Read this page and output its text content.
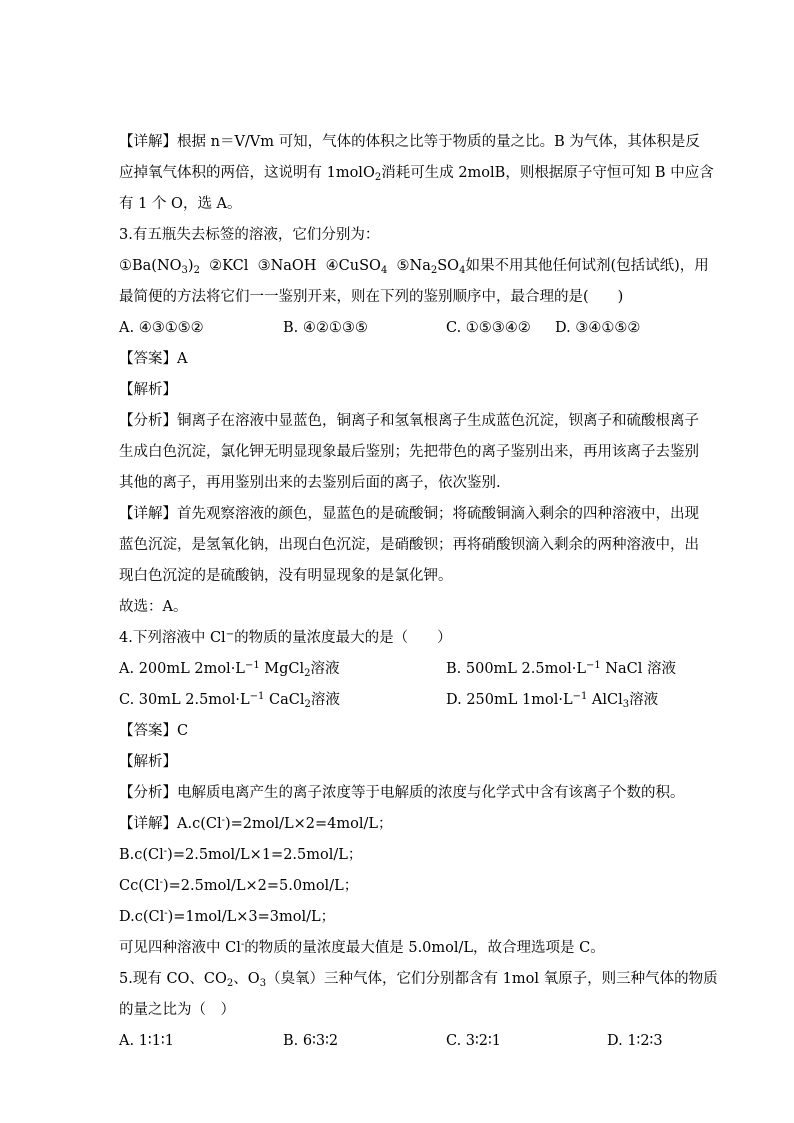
【详解】根据 n＝V/Vm 可知，气体的体积之比等于物质的量之比。B 为气体，其体积是反
应掉氧气体积的两倍，这说明有 1molO$_2$消耗可生成 2molB，则根据原子守恒可知 B 中应含
有 1 个 O，选 A。
3.有五瓶失去标签的溶液，它们分别为：
$①Ba(NO_3)_2$ ②KCl ③NaOH ④CuSO$_4$ $⑤Na_2SO_4$如果不用其他任何试剂(包括试纸)，用
最简便的方法将它们一一鉴别开来，则在下列的鉴别顺序中，最合理的是(　　)
A. ④③①⑤②	B. ④②①③⑤	C. ①⑤③④② D. ③④①⑤②
【答案】A
【解析】
【分析】铜离子在溶液中显蓝色，铜离子和氢氧根离子生成蓝色沉淀，钡离子和硫酸根离子
生成白色沉淀，氯化钾无明显现象最后鉴别；先把带色的离子鉴别出来，再用该离子去鉴别
其他的离子，再用鉴别出来的去鉴别后面的离子，依次鉴别.
【详解】首先观察溶液的颜色，显蓝色的是硫酸铜；将硫酸铜滴入剩余的四种溶液中，出现
蓝色沉淀，是氢氧化钠，出现白色沉淀，是硝酸钡；再将硝酸钡滴入剩余的两种溶液中，出
现白色沉淀的是硫酸钠，没有明显现象的是氯化钾。
故选：A。
4.下列溶液中 Cl−的物质的量浓度最大的是（　　）
A. 200mL $2mol\cdot L^{-1}$ MgCl$_2$溶液	B. 500mL $2.5mol\cdot L^{-1}$ NaCl 溶液
C. 30mL $2.5mol\cdot L^{-1}$ CaCl$_2$溶液	D. 250mL $1mol\cdot L^{-1}$ AlCl$_3$溶液
【答案】C
【解析】
【分析】电解质电离产生的离子浓度等于电解质的浓度与化学式中含有该离子个数的积。
【详解】A.c(Cl-)=2mol/L×2=4mol/L；
B.c(Cl-)=2.5mol/L×1=2.5mol/L；
Cc(Cl-)=2.5mol/L×2=5.0mol/L；
D.c(Cl-)=1mol/L×3=3mol/L；
可见四种溶液中 Cl-的物质的量浓度最大值是 5.0mol/L，故合理选项是 C。
5.现有 CO、$CO_2$、$O_3$（臭氧）三种气体，它们分别都含有 1mol 氧原子，则三种气体的物质
的量之比为（　）
A. 1∶1∶1	B. 6∶3∶2	C. 3∶2∶1	D. 1∶2∶3
